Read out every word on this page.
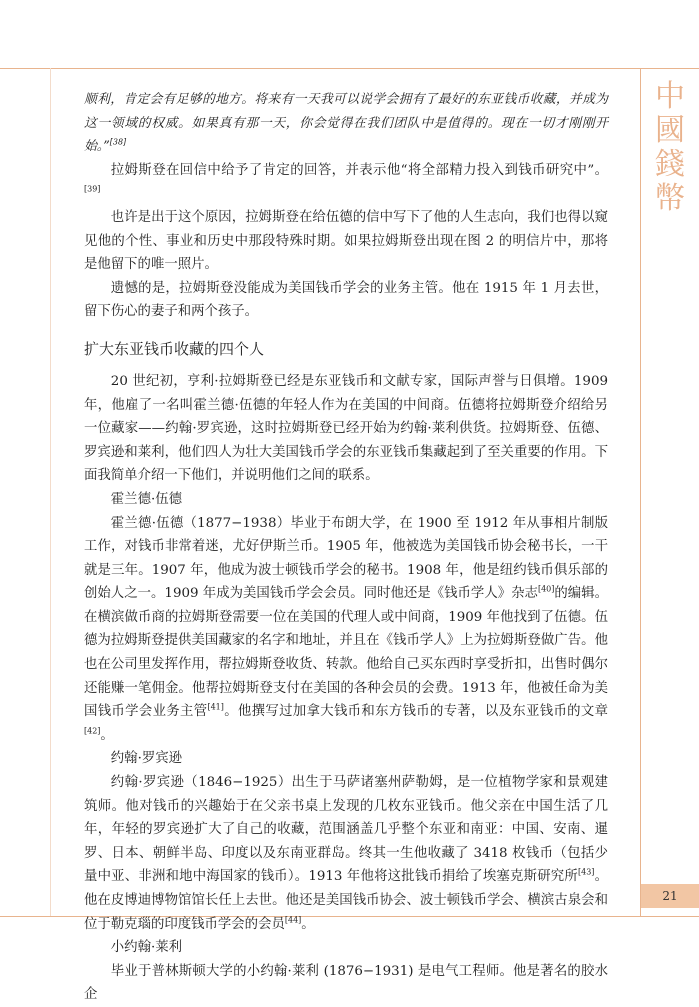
中
國
錢
幣
21

顺利，肯定会有足够的地方。将来有一天我可以说学会拥有了最好的东亚钱币收藏，并成为这一领域的权威。如果真有那一天，你会觉得在我们团队中是值得的。现在一切才刚刚开始。”[38]

拉姆斯登在回信中给予了肯定的回答，并表示他“将全部精力投入到钱币研究中”。[39]

也许是出于这个原因，拉姆斯登在给伍德的信中写下了他的人生志向，我们也得以窥见他的个性、事业和历史中那段特殊时期。如果拉姆斯登出现在图 2 的明信片中，那将是他留下的唯一照片。

遗憾的是，拉姆斯登没能成为美国钱币学会的业务主管。他在 1915 年 1 月去世，留下伤心的妻子和两个孩子。

扩大东亚钱币收藏的四个人

20 世纪初，亨利·拉姆斯登已经是东亚钱币和文献专家，国际声誉与日俱增。1909 年，他雇了一名叫霍兰德·伍德的年轻人作为在美国的中间商。伍德将拉姆斯登介绍给另一位藏家——约翰·罗宾逊，这时拉姆斯登已经开始为约翰·莱利供货。拉姆斯登、伍德、罗宾逊和莱利，他们四人为壮大美国钱币学会的东亚钱币集藏起到了至关重要的作用。下面我简单介绍一下他们，并说明他们之间的联系。

霍兰德·伍德

霍兰德·伍德（1877−1938）毕业于布朗大学，在 1900 至 1912 年从事相片制版工作，对钱币非常着迷，尤好伊斯兰币。1905 年，他被选为美国钱币协会秘书长，一干就是三年。1907 年，他成为波士顿钱币学会的秘书。1908 年，他是纽约钱币俱乐部的创始人之一。1909 年成为美国钱币学会会员。同时他还是《钱币学人》杂志[40]的编辑。在横滨做币商的拉姆斯登需要一位在美国的代理人或中间商，1909 年他找到了伍德。伍德为拉姆斯登提供美国藏家的名字和地址，并且在《钱币学人》上为拉姆斯登做广告。他也在公司里发挥作用，帮拉姆斯登收货、转款。他给自己买东西时享受折扣，出售时偶尔还能赚一笔佣金。他帮拉姆斯登支付在美国的各种会员的会费。1913 年，他被任命为美国钱币学会业务主管[41]。他撰写过加拿大钱币和东方钱币的专著，以及东亚钱币的文章[42]。

约翰·罗宾逊

约翰·罗宾逊（1846−1925）出生于马萨诸塞州萨勒姆，是一位植物学家和景观建筑师。他对钱币的兴趣始于在父亲书桌上发现的几枚东亚钱币。他父亲在中国生活了几年，年轻的罗宾逊扩大了自己的收藏，范围涵盖几乎整个东亚和南亚：中国、安南、暹罗、日本、朝鲜半岛、印度以及东南亚群岛。终其一生他收藏了 3418 枚钱币（包括少量中亚、非洲和地中海国家的钱币）。1913 年他将这批钱币捐给了埃塞克斯研究所[43]。他在皮博迪博物馆馆长任上去世。他还是美国钱币协会、波士顿钱币学会、横滨古泉会和位于勒克瑙的印度钱币学会的会员[44]。

小约翰·莱利

毕业于普林斯顿大学的小约翰·莱利 (1876−1931) 是电气工程师。他是著名的胶水企
